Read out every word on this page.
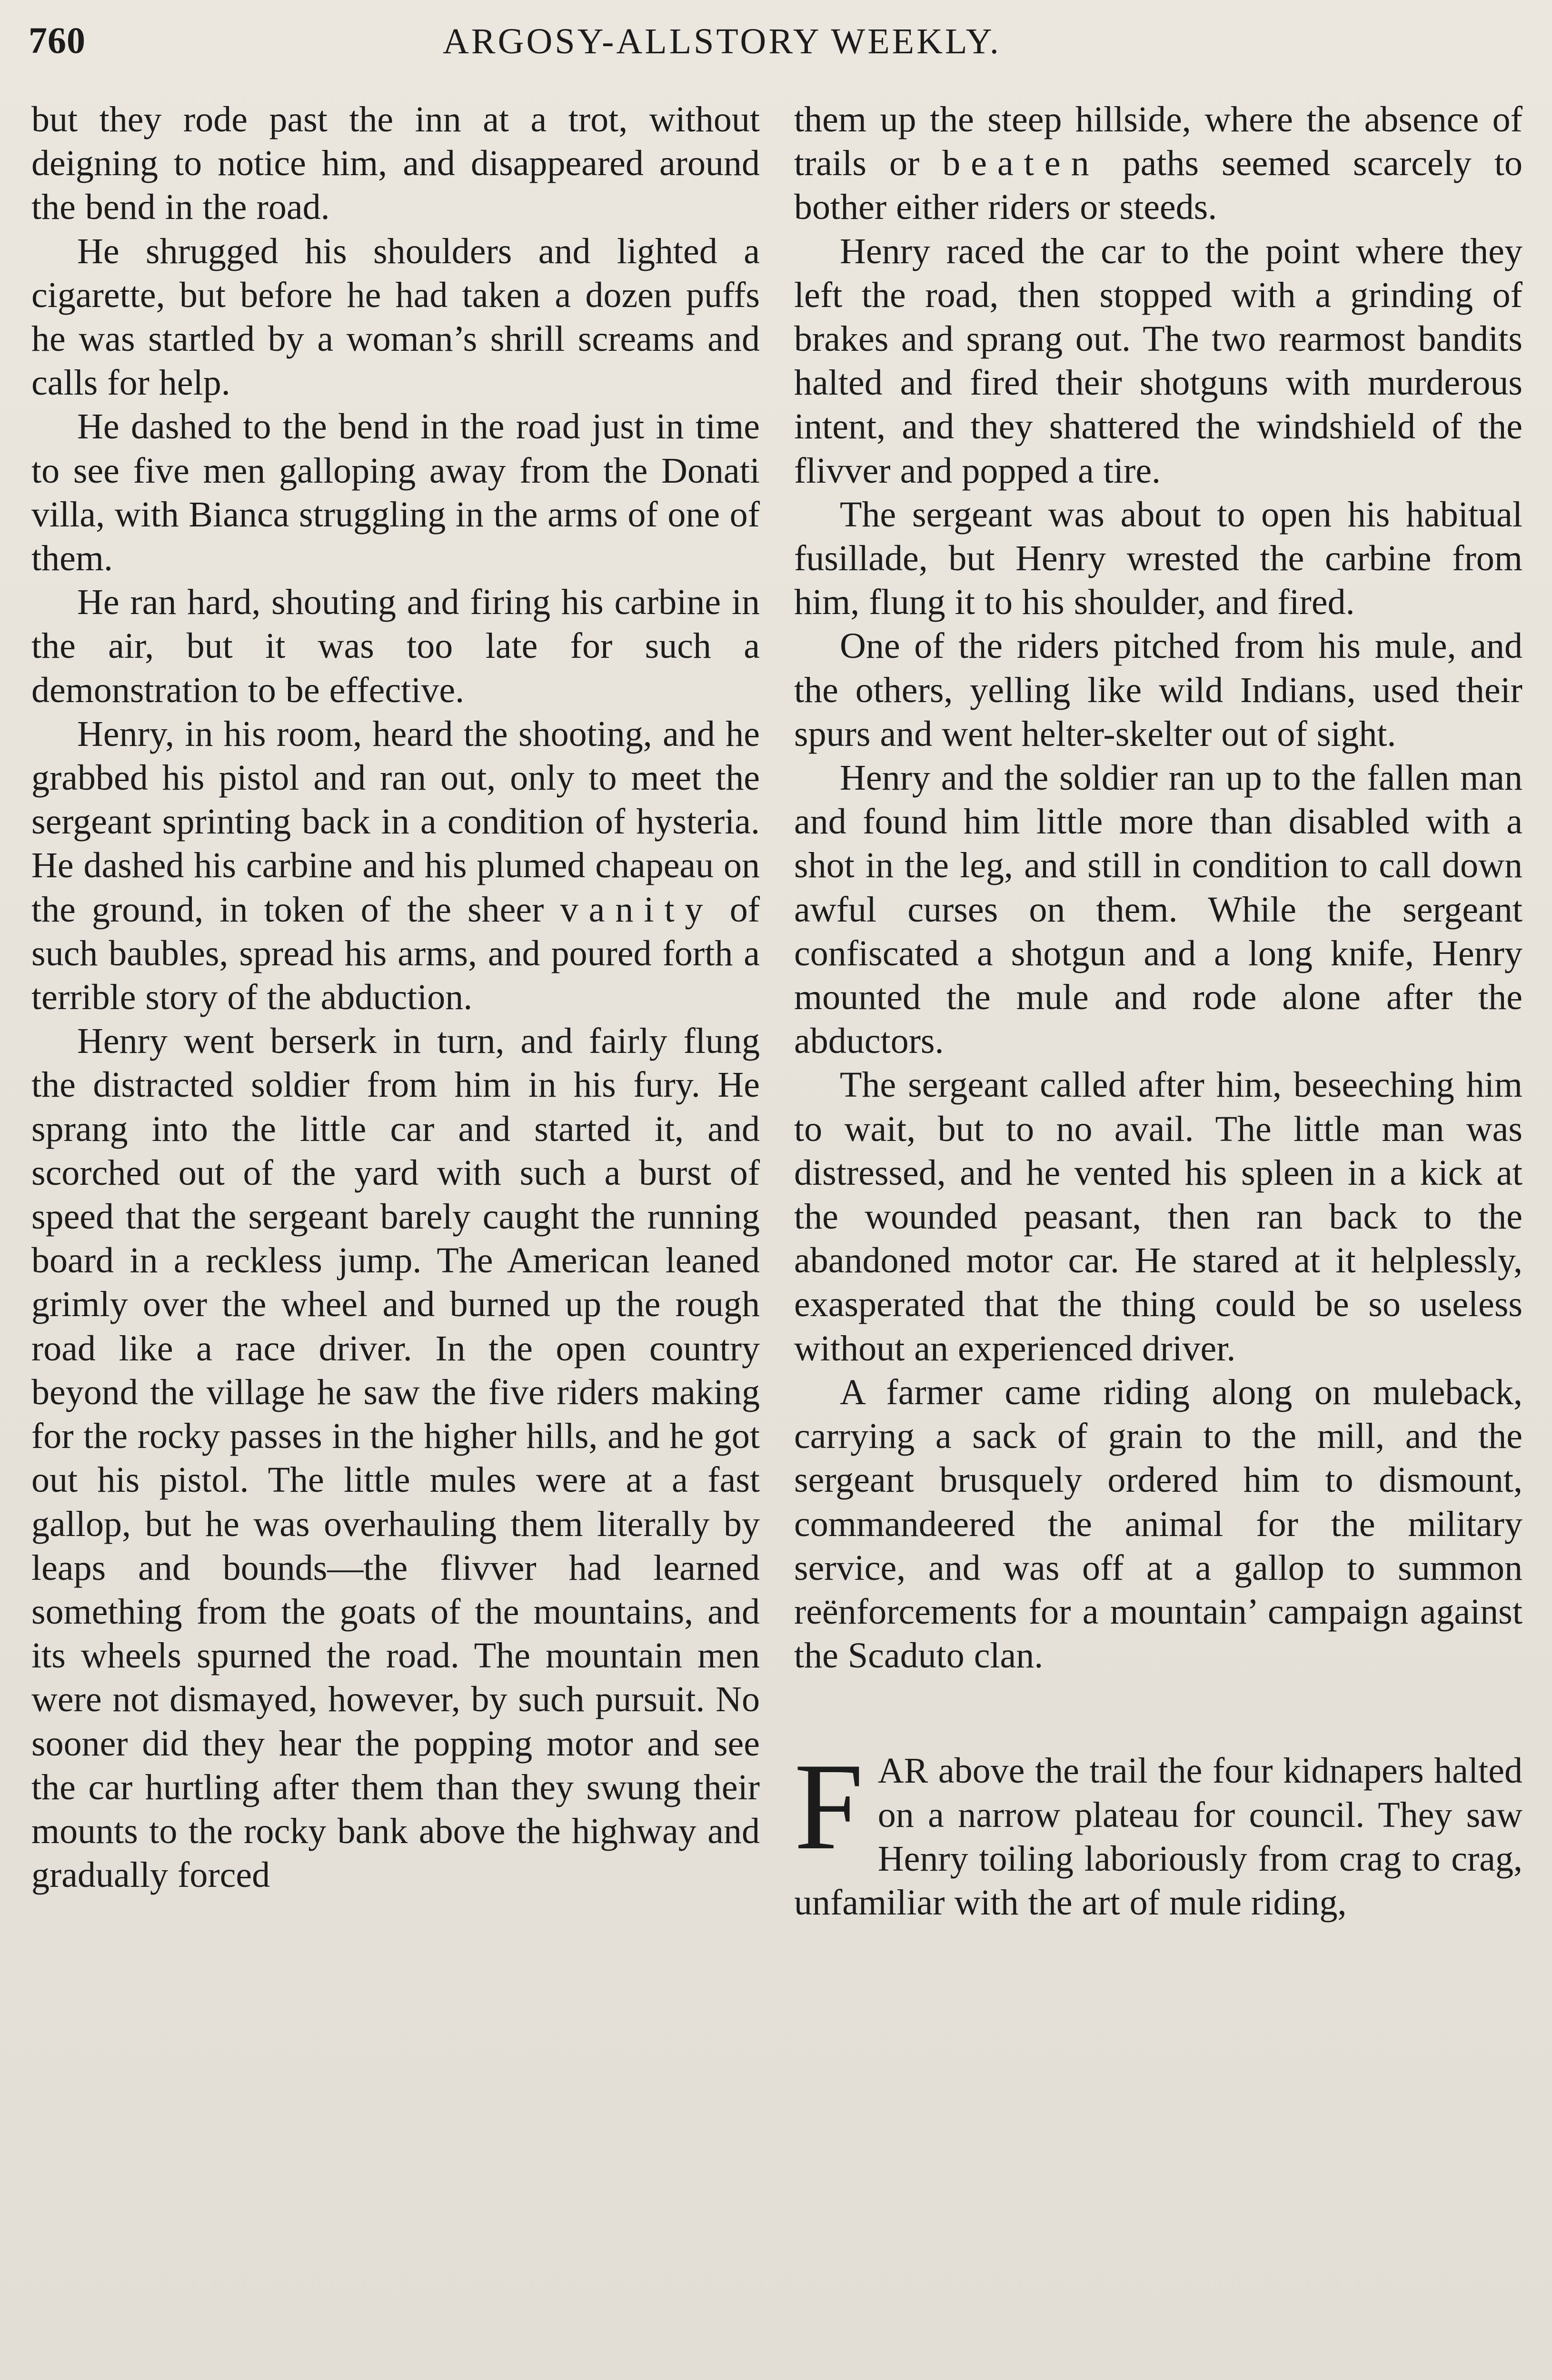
760	ARGOSY-ALLSTORY WEEKLY.

but they rode past the inn at a trot, without deigning to notice him, and disappeared around the bend in the road.

He shrugged his shoulders and lighted a cigarette, but before he had taken a dozen puffs he was startled by a woman’s shrill screams and calls for help.

He dashed to the bend in the road just in time to see five men galloping away from the Donati villa, with Bianca struggling in the arms of one of them.

He ran hard, shouting and firing his carbine in the air, but it was too late for such a demonstration to be effective.

Henry, in his room, heard the shooting, and he grabbed his pistol and ran out, only to meet the sergeant sprinting back in a condition of hysteria. He dashed his carbine and his plumed chapeau on the ground, in token of the sheer vanity of such baubles, spread his arms, and poured forth a terrible story of the abduction.

Henry went berserk in turn, and fairly flung the distracted soldier from him in his fury. He sprang into the little car and started it, and scorched out of the yard with such a burst of speed that the sergeant barely caught the running board in a reckless jump. The American leaned grimly over the wheel and burned up the rough road like a race driver. In the open country beyond the village he saw the five riders making for the rocky passes in the higher hills, and he got out his pistol. The little mules were at a fast gallop, but he was overhauling them literally by leaps and bounds—the flivver had learned something from the goats of the mountains, and its wheels spurned the road. The mountain men were not dismayed, however, by such pursuit. No sooner did they hear the popping motor and see the car hurtling after them than they swung their mounts to the rocky bank above the highway and gradually forced

them up the steep hillside, where the absence of trails or beaten paths seemed scarcely to bother either riders or steeds.

Henry raced the car to the point where they left the road, then stopped with a grinding of brakes and sprang out. The two rearmost bandits halted and fired their shotguns with murderous intent, and they shattered the windshield of the flivver and popped a tire.

The sergeant was about to open his habitual fusillade, but Henry wrested the carbine from him, flung it to his shoulder, and fired.

One of the riders pitched from his mule, and the others, yelling like wild Indians, used their spurs and went helter-skelter out of sight.

Henry and the soldier ran up to the fallen man and found him little more than disabled with a shot in the leg, and still in condition to call down awful curses on them. While the sergeant confiscated a shotgun and a long knife, Henry mounted the mule and rode alone after the abductors.

The sergeant called after him, beseeching him to wait, but to no avail. The little man was distressed, and he vented his spleen in a kick at the wounded peasant, then ran back to the abandoned motor car. He stared at it helplessly, exasperated that the thing could be so useless without an experienced driver.

A farmer came riding along on muleback, carrying a sack of grain to the mill, and the sergeant brusquely ordered him to dismount, commandeered the animal for the military service, and was off at a gallop to summon reënforcements for a mountain’ campaign against the Scaduto clan.

FAR above the trail the four kidnapers halted on a narrow plateau for council. They saw Henry toiling laboriously from crag to crag, unfamiliar with the art of mule riding,
